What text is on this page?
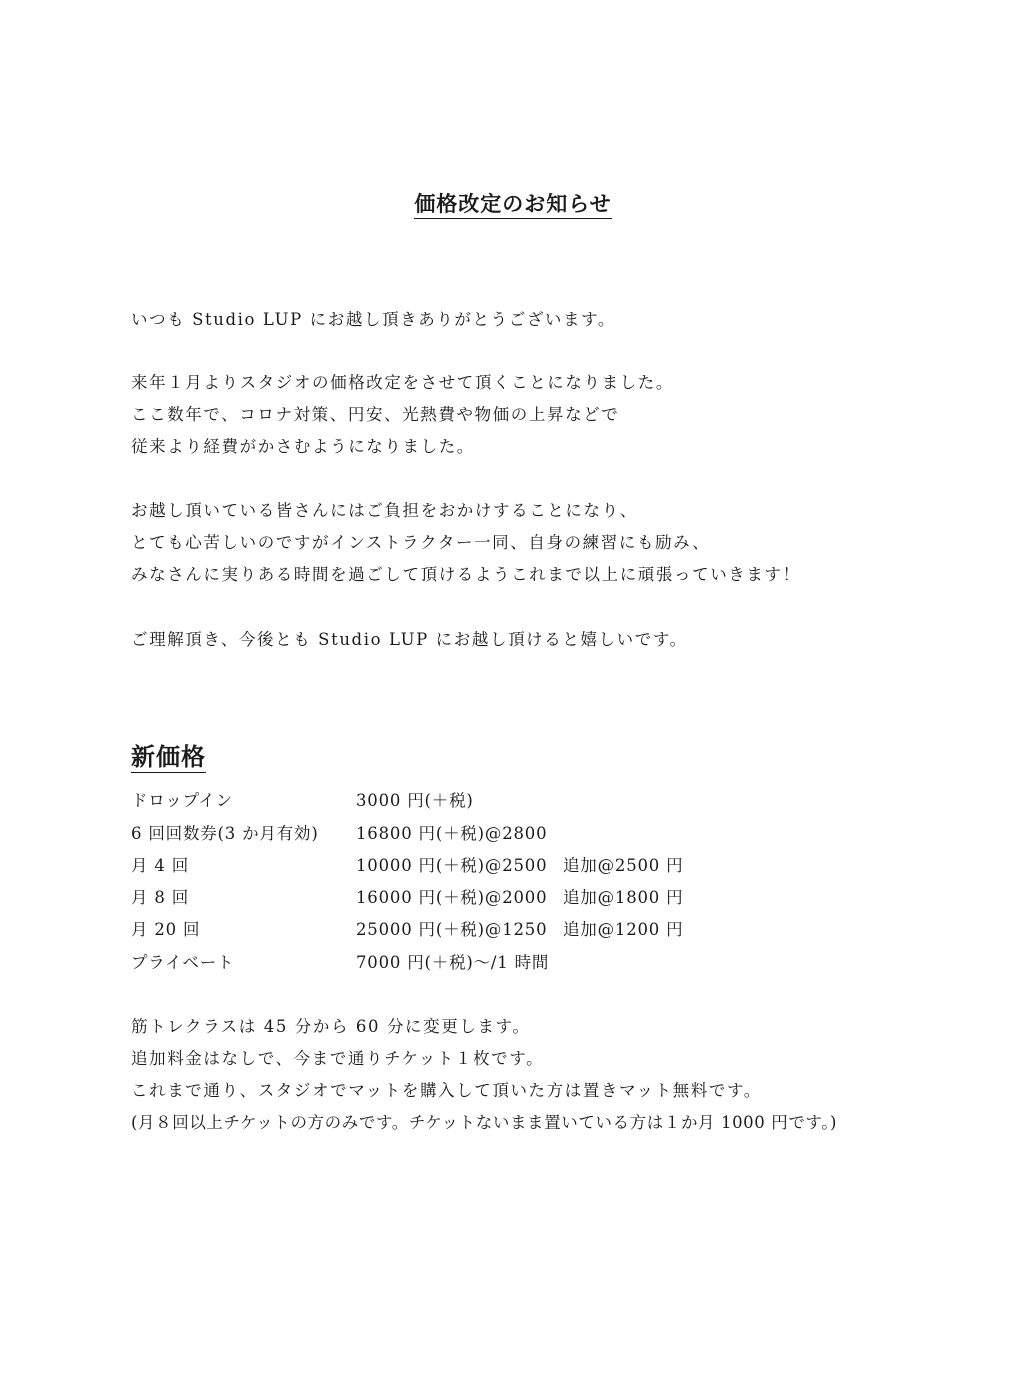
価格改定のお知らせ

いつも Studio LUP にお越し頂きありがとうございます。

来年１月よりスタジオの価格改定をさせて頂くことになりました。

ここ数年で、コロナ対策、円安、光熱費や物価の上昇などで

従来より経費がかさむようになりました。

お越し頂いている皆さんにはご負担をおかけすることになり、

とても心苦しいのですがインストラクター一同、自身の練習にも励み、

みなさんに実りある時間を過ごして頂けるようこれまで以上に頑張っていきます！

ご理解頂き、今後とも Studio LUP にお越し頂けると嬉しいです。

新価格
ドロップイン	3000 円(＋税)
6 回回数券(3 か月有効) 16800 円(＋税)@2800
月 4 回	10000 円(＋税)@2500 追加@2500 円
月 8 回	16000 円(＋税)@2000 追加@1800 円
月 20 回	25000 円(＋税)@1250 追加@1200 円
プライベート	7000 円(＋税)～/1 時間

筋トレクラスは 45 分から 60 分に変更します。

追加料金はなしで、今まで通りチケット１枚です。

これまで通り、スタジオでマットを購入して頂いた方は置きマット無料です。

(月８回以上チケットの方のみです。チケットないまま置いている方は１か月 1000 円です。)
